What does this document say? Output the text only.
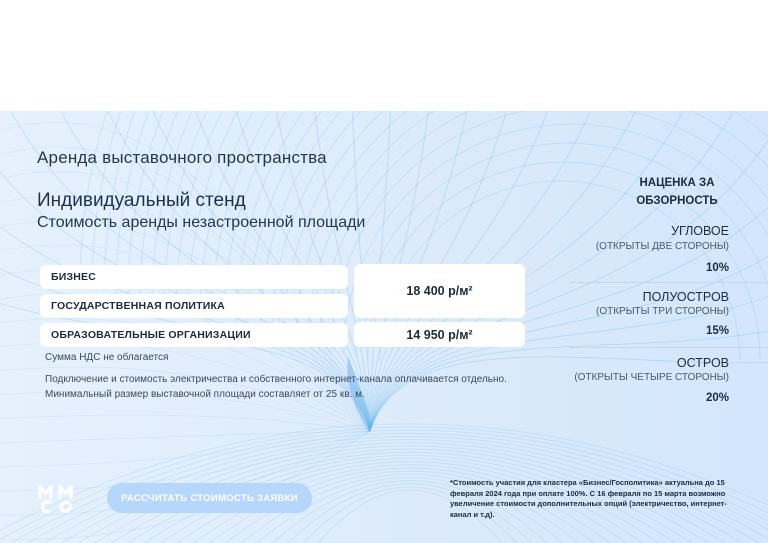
Аренда выставочного пространства
Индивидуальный стенд
Стоимость аренды незастроенной площади
БИЗНЕС
ГОСУДАРСТВЕННАЯ ПОЛИТИКА
ОБРАЗОВАТЕЛЬНЫЕ ОРГАНИЗАЦИИ
18 400 р/м²
14 950 р/м²
Сумма НДС не облагается
Подключение и стоимость электричества и собственного интернет-канала оплачивается отдельно. Минимальный размер выставочной площади составляет от 25 кв. м.
НАЦЕНКА ЗА ОБЗОРНОСТЬ
УГЛОВОЕ
(ОТКРЫТЫ ДВЕ СТОРОНЫ)
10%
ПОЛУОСТРОВ
(ОТКРЫТЫ ТРИ СТОРОНЫ)
15%
ОСТРОВ
(ОТКРЫТЫ ЧЕТЫРЕ СТОРОНЫ)
20%
РАССЧИТАТЬ СТОИМОСТЬ ЗАЯВКИ
*Стоимость участия для кластера «Бизнес/Госполитика» актуальна до 15 февраля 2024 года при оплате 100%. С 16 февраля по 15 марта возможно увеличение стоимости дополнительных опций (электричество, интернет-канал и т.д).
